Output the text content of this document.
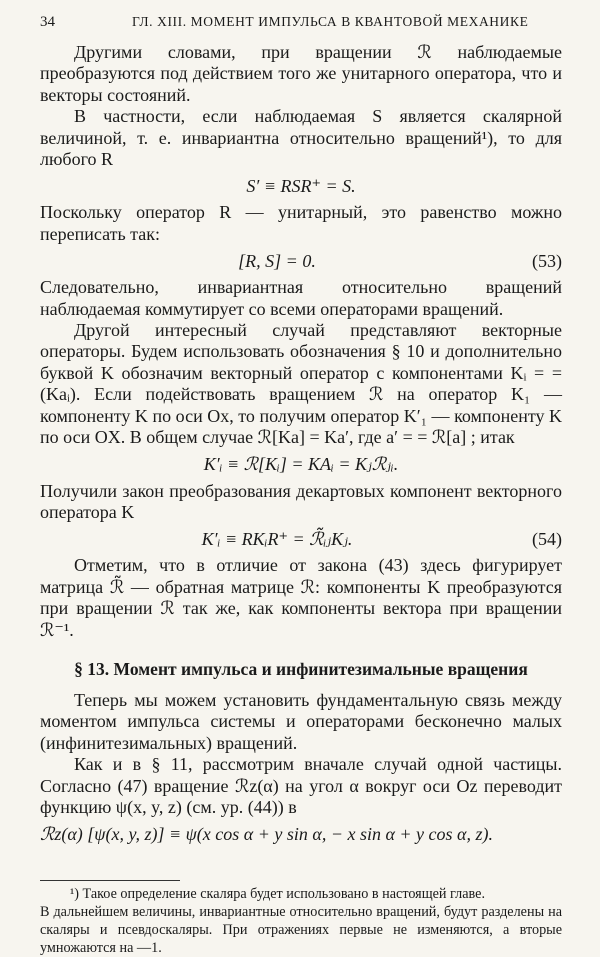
34	ГЛ. XIII. МОМЕНТ ИМПУЛЬСА В КВАНТОВОЙ МЕХАНИКЕ

Другими словами, при вращении ℛ наблюдаемые преобразуются под действием того же унитарного оператора, что и векторы состояний.

В частности, если наблюдаемая S является скалярной величиной, т. е. инвариантна относительно вращений¹), то для любого R

S′ ≡ RSR⁺ = S.

Поскольку оператор R — унитарный, это равенство можно переписать так:

[R, S] = 0.	(53)

Следовательно, инвариантная относительно вращений наблюдаемая коммутирует со всеми операторами вращений.

Другой интересный случай представляют векторные операторы. Будем использовать обозначения § 10 и дополнительно буквой K обозначим векторный оператор с компонентами Kᵢ = = (Kaᵢ). Если подействовать вращением ℛ на оператор K₁ — компоненту K по оси Ox, то получим оператор K′₁ — компоненту K по оси OX. В общем случае ℛ[Ka] = Ka′, где a′ = = ℛ[a] ; итак

K′ᵢ ≡ ℛ[Kᵢ] = KAᵢ = Kⱼℛⱼᵢ.

Получили закон преобразования декартовых компонент векторного оператора K

K′ᵢ ≡ RKᵢR⁺ = ℛ̃ᵢⱼKⱼ.	(54)

Отметим, что в отличие от закона (43) здесь фигурирует матрица ℛ̃ — обратная матрице ℛ: компоненты K преобразуются при вращении ℛ так же, как компоненты вектора при вращении ℛ⁻¹.

§ 13. Момент импульса и инфинитезимальные вращения

Теперь мы можем установить фундаментальную связь между моментом импульса системы и операторами бесконечно малых (инфинитезимальных) вращений.

Как и в § 11, рассмотрим вначале случай одной частицы. Согласно (47) вращение ℛz(α) на угол α вокруг оси Oz переводит функцию ψ(x, y, z) (см. ур. (44)) в

ℛz(α) [ψ(x, y, z)] ≡ ψ(x cos α + y sin α, − x sin α + y cos α, z).
¹) Такое определение скаляра будет использовано в настоящей главе.
В дальнейшем величины, инвариантные относительно вращений, будут разделены на скаляры и псевдоскаляры. При отражениях первые не изменяются, а вторые умножаются на —1.
